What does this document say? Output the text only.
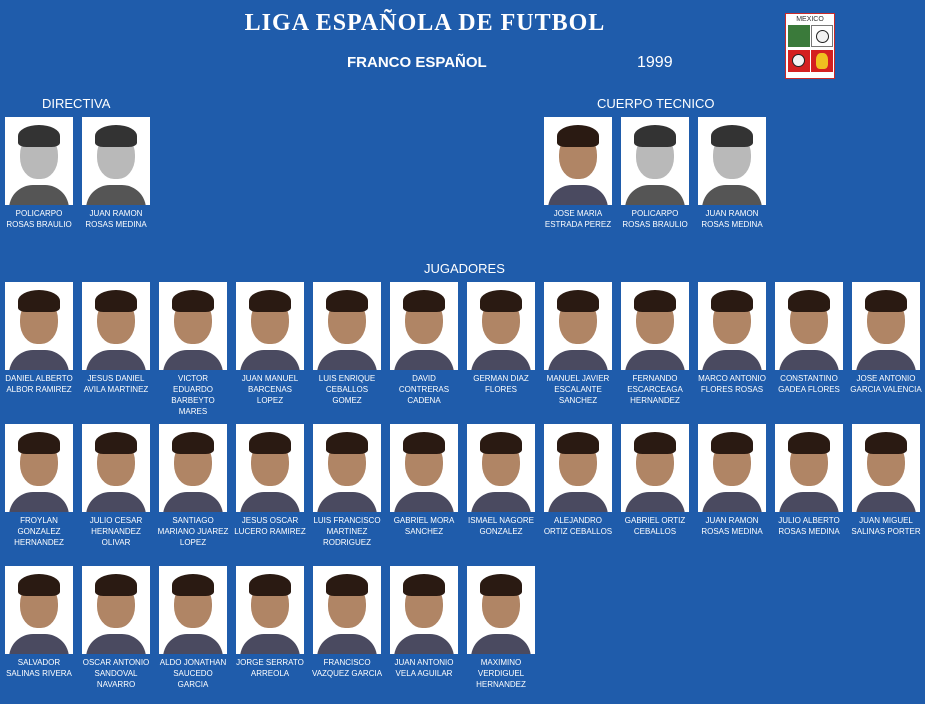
LIGA ESPAÑOLA DE FUTBOL
FRANCO ESPAÑOL	1999
MEXICO
DIRECTIVA	CUERPO TECNICO
JUGADORES
POLICARPO ROSAS BRAULIO
JUAN RAMON ROSAS MEDINA
JOSE MARIA ESTRADA PEREZ
POLICARPO ROSAS BRAULIO
JUAN RAMON ROSAS MEDINA
DANIEL ALBERTO ALBOR RAMIREZ
JESUS DANIEL AVILA MARTINEZ
VICTOR EDUARDO BARBEYTO MARES
JUAN MANUEL BARCENAS LOPEZ
LUIS ENRIQUE CEBALLOS GOMEZ
DAVID CONTRERAS CADENA
GERMAN DIAZ FLORES
MANUEL JAVIER ESCALANTE SANCHEZ
FERNANDO ESCARCEAGA HERNANDEZ
MARCO ANTONIO FLORES ROSAS
CONSTANTINO GADEA FLORES
JOSE ANTONIO GARCIA VALENCIA
FROYLAN GONZALEZ HERNANDEZ
JULIO CESAR HERNANDEZ OLIVAR
SANTIAGO MARIANO JUAREZ LOPEZ
JESUS OSCAR LUCERO RAMIREZ
LUIS FRANCISCO MARTINEZ RODRIGUEZ
GABRIEL MORA SANCHEZ
ISMAEL NAGORE GONZALEZ
ALEJANDRO ORTIZ CEBALLOS
GABRIEL ORTIZ CEBALLOS
JUAN RAMON ROSAS MEDINA
JULIO ALBERTO ROSAS MEDINA
JUAN MIGUEL SALINAS PORTER
SALVADOR SALINAS RIVERA
OSCAR ANTONIO SANDOVAL NAVARRO
ALDO JONATHAN SAUCEDO GARCIA
JORGE SERRATO ARREOLA
FRANCISCO VAZQUEZ GARCIA
JUAN ANTONIO VELA AGUILAR
MAXIMINO VERDIGUEL HERNANDEZ
